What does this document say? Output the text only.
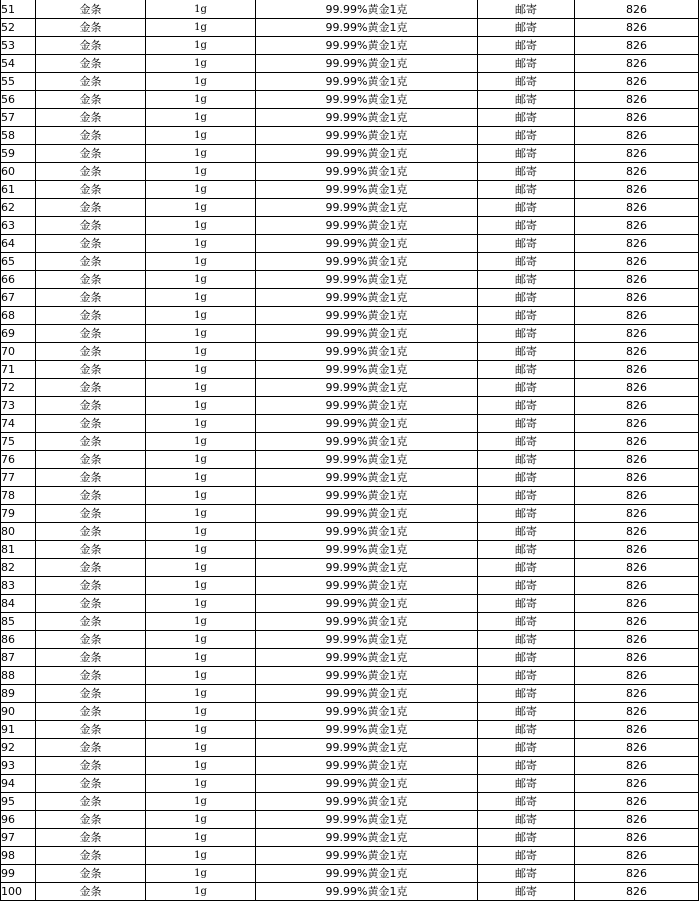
51	金条	1g	99.99%黄金1克	邮寄	826
52	金条	1g	99.99%黄金1克	邮寄	826
53	金条	1g	99.99%黄金1克	邮寄	826
54	金条	1g	99.99%黄金1克	邮寄	826
55	金条	1g	99.99%黄金1克	邮寄	826
56	金条	1g	99.99%黄金1克	邮寄	826
57	金条	1g	99.99%黄金1克	邮寄	826
58	金条	1g	99.99%黄金1克	邮寄	826
59	金条	1g	99.99%黄金1克	邮寄	826
60	金条	1g	99.99%黄金1克	邮寄	826
61	金条	1g	99.99%黄金1克	邮寄	826
62	金条	1g	99.99%黄金1克	邮寄	826
63	金条	1g	99.99%黄金1克	邮寄	826
64	金条	1g	99.99%黄金1克	邮寄	826
65	金条	1g	99.99%黄金1克	邮寄	826
66	金条	1g	99.99%黄金1克	邮寄	826
67	金条	1g	99.99%黄金1克	邮寄	826
68	金条	1g	99.99%黄金1克	邮寄	826
69	金条	1g	99.99%黄金1克	邮寄	826
70	金条	1g	99.99%黄金1克	邮寄	826
71	金条	1g	99.99%黄金1克	邮寄	826
72	金条	1g	99.99%黄金1克	邮寄	826
73	金条	1g	99.99%黄金1克	邮寄	826
74	金条	1g	99.99%黄金1克	邮寄	826
75	金条	1g	99.99%黄金1克	邮寄	826
76	金条	1g	99.99%黄金1克	邮寄	826
77	金条	1g	99.99%黄金1克	邮寄	826
78	金条	1g	99.99%黄金1克	邮寄	826
79	金条	1g	99.99%黄金1克	邮寄	826
80	金条	1g	99.99%黄金1克	邮寄	826
81	金条	1g	99.99%黄金1克	邮寄	826
82	金条	1g	99.99%黄金1克	邮寄	826
83	金条	1g	99.99%黄金1克	邮寄	826
84	金条	1g	99.99%黄金1克	邮寄	826
85	金条	1g	99.99%黄金1克	邮寄	826
86	金条	1g	99.99%黄金1克	邮寄	826
87	金条	1g	99.99%黄金1克	邮寄	826
88	金条	1g	99.99%黄金1克	邮寄	826
89	金条	1g	99.99%黄金1克	邮寄	826
90	金条	1g	99.99%黄金1克	邮寄	826
91	金条	1g	99.99%黄金1克	邮寄	826
92	金条	1g	99.99%黄金1克	邮寄	826
93	金条	1g	99.99%黄金1克	邮寄	826
94	金条	1g	99.99%黄金1克	邮寄	826
95	金条	1g	99.99%黄金1克	邮寄	826
96	金条	1g	99.99%黄金1克	邮寄	826
97	金条	1g	99.99%黄金1克	邮寄	826
98	金条	1g	99.99%黄金1克	邮寄	826
99	金条	1g	99.99%黄金1克	邮寄	826
100	金条	1g	99.99%黄金1克	邮寄	826
